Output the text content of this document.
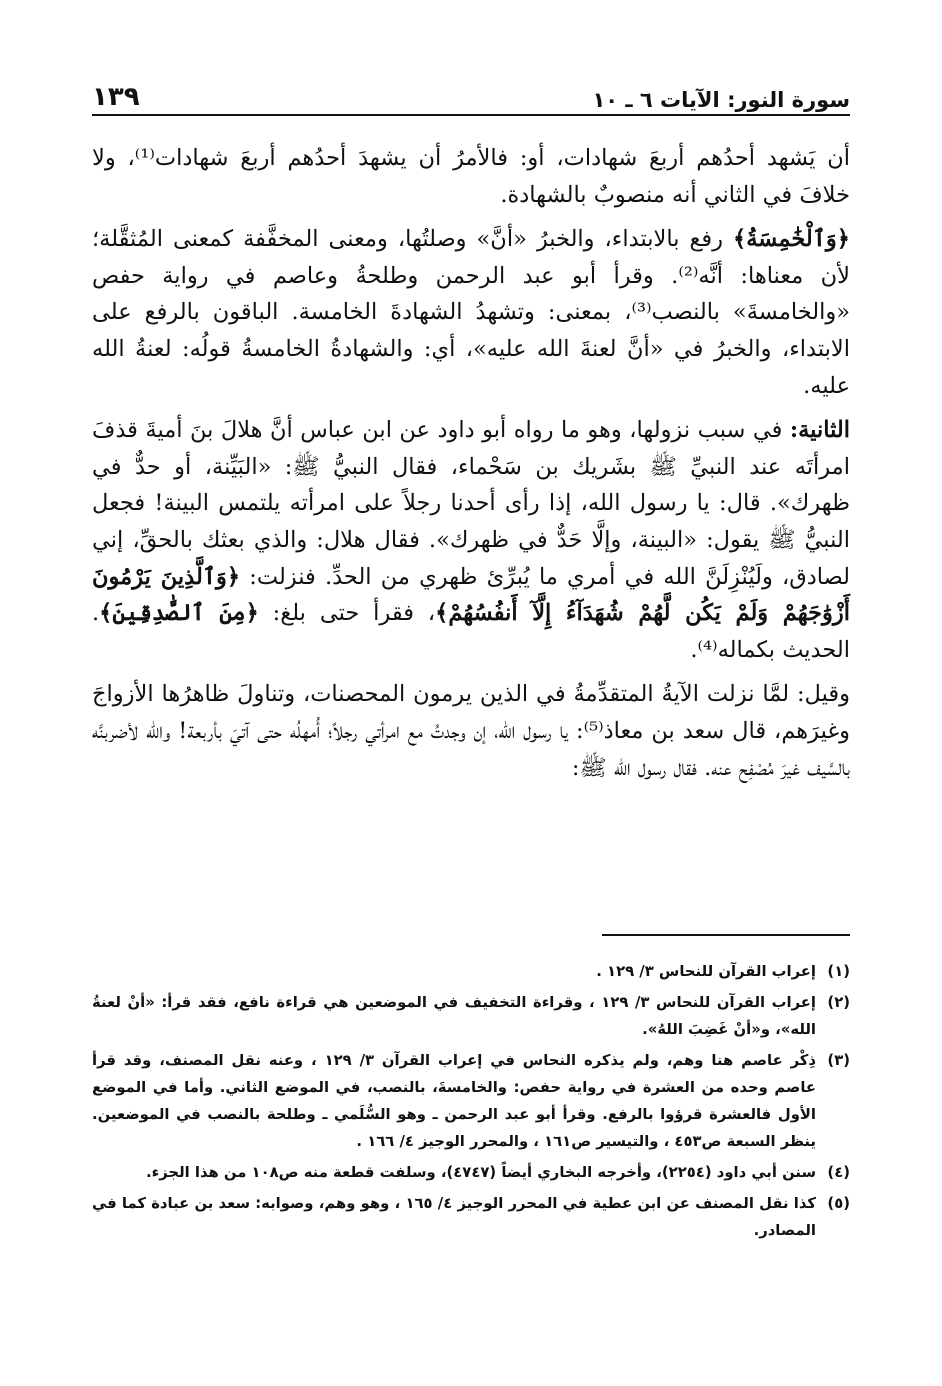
سورة النور: الآيات ٦ ـ ١٠
١٣٩

أن يَشهد أحدُهم أربعَ شهادات، أو: فالأمرُ أن يشهدَ أحدُهم أربعَ شهادات⁽¹⁾، ولا خلافَ في الثاني أنه منصوبٌ بالشهادة.

﴿وَٱلْخَٰمِسَةُ﴾ رفع بالابتداء، والخبرُ «أنَّ» وصلتُها، ومعنى المخفَّفة كمعنى المُثقَّلة؛ لأن معناها: أنَّه⁽²⁾. وقرأ أبو عبد الرحمن وطلحةُ وعاصم في رواية حفص «والخامسةَ» بالنصب⁽³⁾، بمعنى: وتشهدُ الشهادةَ الخامسة. الباقون بالرفع على الابتداء، والخبرُ في «أنَّ لعنةَ الله عليه»، أي: والشهادةُ الخامسةُ قولُه: لعنةُ الله عليه.

الثانية: في سبب نزولها، وهو ما رواه أبو داود عن ابن عباس أنَّ هلالَ بنَ أميةَ قذفَ امرأتَه عند النبيِّ ﷺ بشَريك بن سَحْماء، فقال النبيُّ ﷺ: «البَيِّنة، أو حدٌّ في ظهرك». قال: يا رسول الله، إذا رأى أحدنا رجلاً على امرأته يلتمس البينة! فجعل النبيُّ ﷺ يقول: «البينة، وإلَّا حَدٌّ في ظهرك». فقال هلال: والذي بعثك بالحقِّ، إني لصادق، ولَيُنْزِلَنَّ الله في أمري ما يُبرِّئ ظهري من الحدِّ. فنزلت: ﴿وَٱلَّذِينَ يَرْمُونَ أَزْوَٰجَهُمْ وَلَمْ يَكُن لَّهُمْ شُهَدَآءُ إِلَّآ أَنفُسُهُمْ﴾، فقرأ حتى بلغ: ﴿مِنَ ٱلصَّٰدِقِينَ﴾. الحديث بكماله⁽⁴⁾.

وقيل: لمَّا نزلت الآيةُ المتقدِّمةُ في الذين يرمون المحصنات، وتناولَ ظاهرُها الأزواجَ وغيرَهم، قال سعد بن معاذ⁽⁵⁾: يا رسول الله، إن وجدتُ مع امرأتي رجلاً؛ أُمهلُه حتى آتيَ بأربعة! والله لأضربنَّه بالسَّيف غيرَ مُصْفِح عنه. فقال رسول الله ﷺ:

(١)
إعراب القرآن للنحاس ٣/ ١٢٩ .
(٢)
إعراب القرآن للنحاس ٣/ ١٢٩ ، وقراءة التخفيف في الموضعين هي قراءة نافع، فقد قرأ: «أنْ لعنةُ الله»، و«أنْ غَضِبَ اللهُ».
(٣)
ذِكْر عاصم هنا وهم، ولم يذكره النحاس في إعراب القرآن ٣/ ١٢٩ ، وعنه نقل المصنف، وقد قرأ عاصم وحده من العشرة في رواية حفص: والخامسةَ، بالنصب، في الموضع الثاني. وأما في الموضع الأول فالعشرة قرؤوا بالرفع. وقرأ أبو عبد الرحمن ـ وهو السُّلَمي ـ وطلحة بالنصب في الموضعين. ينظر السبعة ص٤٥٣ ، والتيسير ص١٦١ ، والمحرر الوجيز ٤/ ١٦٦ .
(٤)
سنن أبي داود (٢٢٥٤)، وأخرجه البخاري أيضاً (٤٧٤٧)، وسلفت قطعة منه ص١٠٨ من هذا الجزء.
(٥)
كذا نقل المصنف عن ابن عطية في المحرر الوجيز ٤/ ١٦٥ ، وهو وهم، وصوابه: سعد بن عبادة كما في المصادر.
